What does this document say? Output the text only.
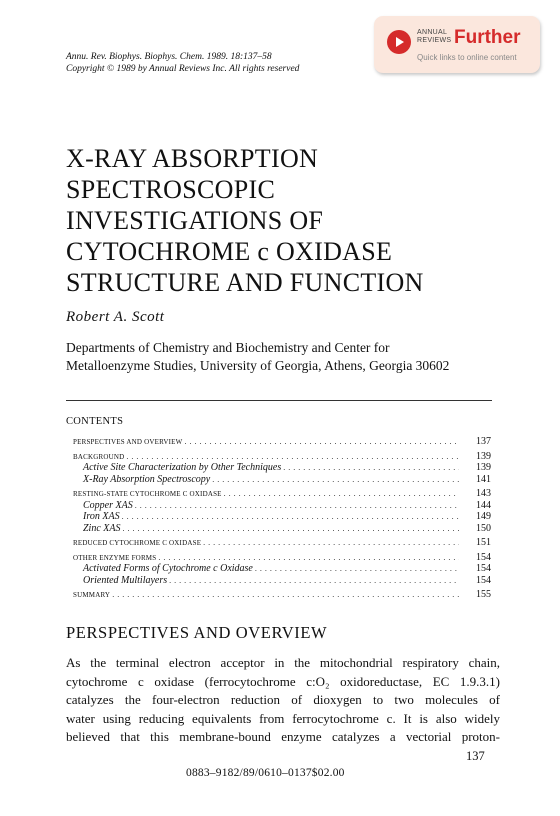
Annu. Rev. Biophys. Biophys. Chem. 1989. 18:137–58
Copyright © 1989 by Annual Reviews Inc. All rights reserved
ANNUAL
REVIEWS Further
Quick links to online content
X-RAY ABSORPTION
SPECTROSCOPIC
INVESTIGATIONS OF
CYTOCHROME c OXIDASE
STRUCTURE AND FUNCTION
Robert A. Scott
Departments of Chemistry and Biochemistry and Center for
Metalloenzyme Studies, University of Georgia, Athens, Georgia 30602
CONTENTS
PERSPECTIVES AND OVERVIEW . . .	137
BACKGROUND . . .	139
Active Site Characterization by Other Techniques . . .	139
X-Ray Absorption Spectroscopy . . .	141
RESTING-STATE CYTOCHROME C OXIDASE . . .	143
Copper XAS . . .	144
Iron XAS . . .	149
Zinc XAS . . .	150
REDUCED CYTOCHROME C OXIDASE . . .	151
OTHER ENZYME FORMS . . .	154
Activated Forms of Cytochrome c Oxidase . . .	154
Oriented Multilayers . . .	154
SUMMARY . . .	155
PERSPECTIVES AND OVERVIEW
As the terminal electron acceptor in the mitochondrial respiratory chain,
cytochrome c oxidase (ferrocytochrome c:O₂ oxidoreductase, EC 1.9.3.1)
catalyzes the four-electron reduction of dioxygen to two molecules of
water using reducing equivalents from ferrocytochrome c. It is also widely
believed that this membrane-bound enzyme catalyzes a vectorial proton-
137
0883–9182/89/0610–0137$02.00
